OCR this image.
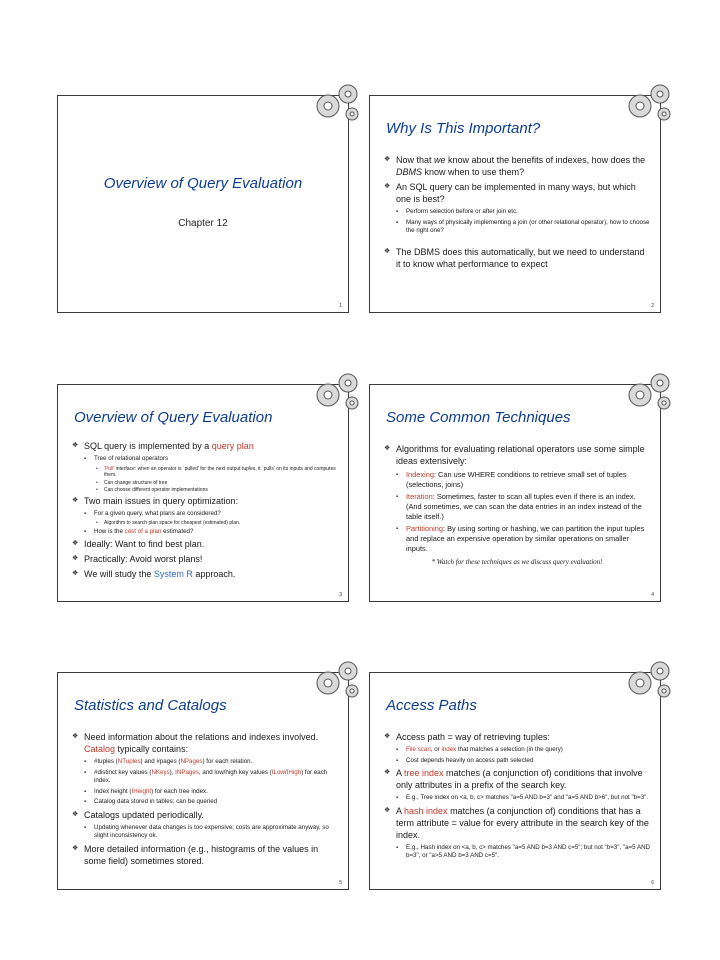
Overview of Query Evaluation
Chapter 12
1
Why Is This Important?
❖ Now that we know about the benefits of indexes, how does the DBMS know when to use them?
❖ An SQL query can be implemented in many ways, but which one is best?
▪ Perform selection before or after join etc.
▪ Many ways of physically implementing a join (or other relational operator), how to choose the right one?
❖ The DBMS does this automatically, but we need to understand it to know what performance to expect
2
Overview of Query Evaluation
❖ SQL query is implemented by a query plan
▪ Tree of relational operators
• 'Pull' interface: when an operator is `pulled' for the next output tuples, it `pulls' on its inputs and computes them.
• Can change structure of tree
• Can choose different operator implementations
❖ Two main issues in query optimization:
▪ For a given query, what plans are considered?
• Algorithm to search plan space for cheapest (estimated) plan.
▪ How is the cost of a plan estimated?
❖ Ideally: Want to find best plan.
❖ Practically: Avoid worst plans!
❖ We will study the System R approach.
3
Some Common Techniques
❖ Algorithms for evaluating relational operators use some simple ideas extensively:
▪ Indexing: Can use WHERE conditions to retrieve small set of tuples (selections, joins)
▪ Iteration: Sometimes, faster to scan all tuples even if there is an index. (And sometimes, we can scan the data entries in an index instead of the table itself.)
▪ Partitioning: By using sorting or hashing, we can partition the input tuples and replace an expensive operation by similar operations on smaller inputs.
* Watch for these techniques as we discuss query evaluation!
4
Statistics and Catalogs
❖ Need information about the relations and indexes involved. Catalog typically contains:
▪ #tuples (NTuples) and #pages (NPages) for each relation.
▪ #distinct key values (NKeys), INPages, and low/high key values (ILow/IHigh) for each index.
▪ Index height (IHeight) for each tree index.
▪ Catalog data stored in tables; can be queried
❖ Catalogs updated periodically.
▪ Updating whenever data changes is too expensive; costs are approximate anyway, so slight inconsistency ok.
❖ More detailed information (e.g., histograms of the values in some field) sometimes stored.
5
Access Paths
❖ Access path = way of retrieving tuples:
▪ File scan, or index that matches a selection (in the query)
▪ Cost depends heavily on access path selected
❖ A tree index matches (a conjunction of) conditions that involve only attributes in a prefix of the search key.
▪ E.g., Tree index on <a, b, c> matches "a=5 AND b=3" and "a=5 AND b>6", but not "b=3".
❖ A hash index matches (a conjunction of) conditions that has a term attribute = value for every attribute in the search key of the index.
▪ E.g., Hash index on <a, b, c> matches "a=5 AND b=3 AND c=5"; but not "b=3", "a=5 AND b=3", or "a>5 AND b=3 AND c=5".
6
